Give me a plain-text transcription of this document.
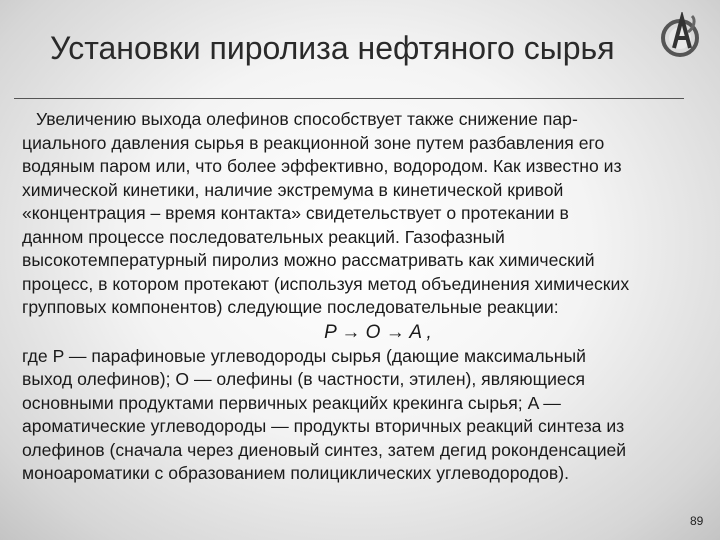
Установки пиролиза нефтяного сырья
Увеличению выхода олефинов способствует также снижение пар-
циального давления сырья в реакционной зоне путем разбавления его
водяным паром или, что более эффективно, водородом. Как известно из
химической кинетики, наличие экстремума в кинетической кривой
«концентрация – время контакта» свидетельствует о протекании в
данном процессе последовательных реакций. Газофазный
высокотемпературный пиролиз можно рассматривать как химический
процесс, в котором протекают (используя метод объединения химических
групповых компонентов) следующие последовательные реакции:
P → O → A ,
где P — парафиновые углеводороды сырья (дающие максимальный
выход олефинов); O — олефины (в частности, этилен), являющиеся
основными продуктами первичных реакцийх крекинга сырья; A —
ароматические углеводороды — продукты вторичных реакций синтеза из
олефинов (сначала через диеновый синтез, затем дегид роконденсацией
моноароматики с образованием полициклических углеводородов).
89
